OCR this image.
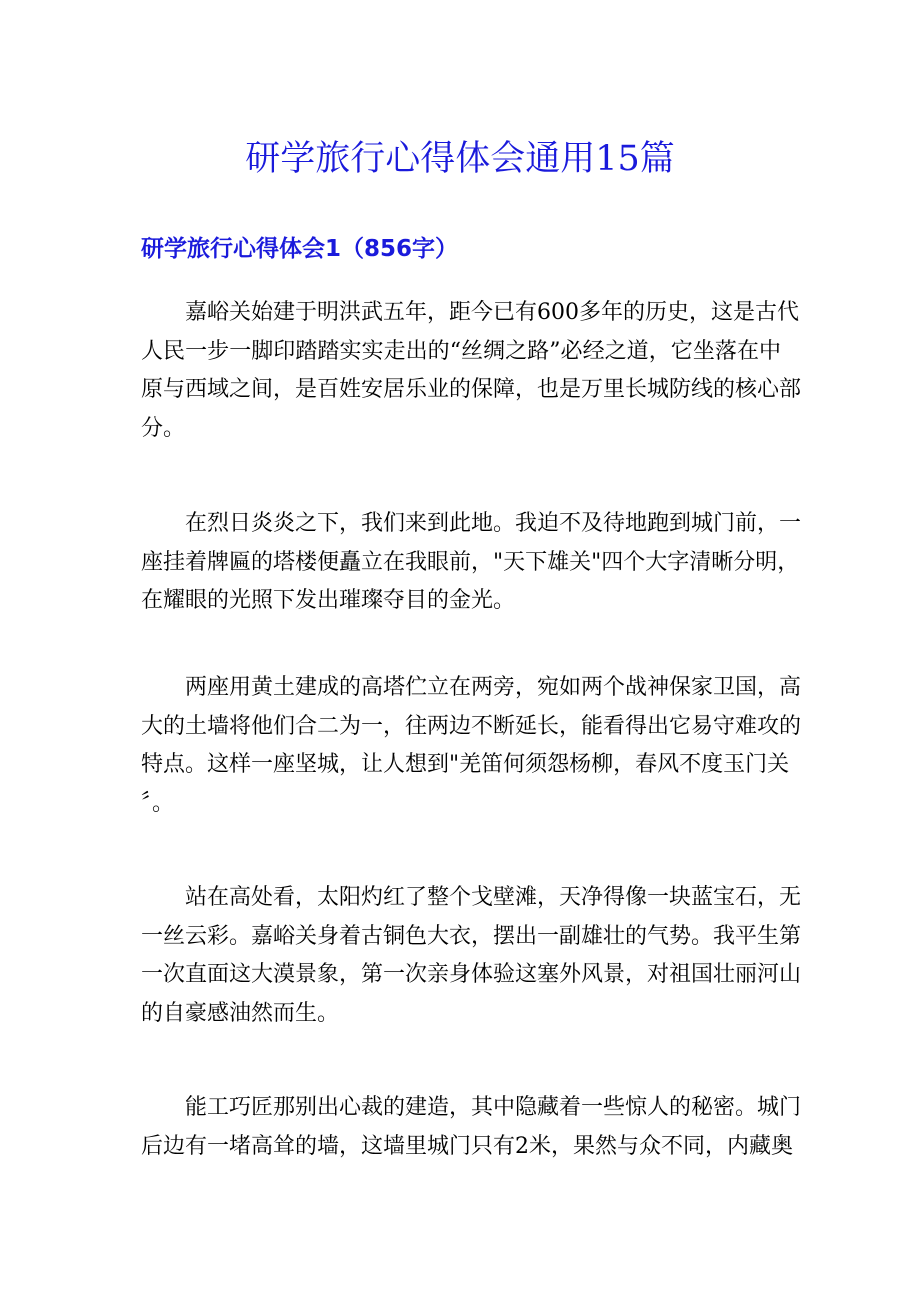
研学旅行心得体会通用15篇
研学旅行心得体会1（856字）
嘉峪关始建于明洪武五年，距今已有600多年的历史，这是古代
人民一步一脚印踏踏实实走出的“丝绸之路”必经之道，它坐落在中
原与西域之间，是百姓安居乐业的保障，也是万里长城防线的核心部
分。
在烈日炎炎之下，我们来到此地。我迫不及待地跑到城门前，一
座挂着牌匾的塔楼便矗立在我眼前，"天下雄关"四个大字清晰分明，
在耀眼的光照下发出璀璨夺目的金光。
两座用黄土建成的高塔伫立在两旁，宛如两个战神保家卫国，高
大的土墙将他们合二为一，往两边不断延长，能看得出它易守难攻的
特点。这样一座坚城，让人想到"羌笛何须怨杨柳，春风不度玉门关
〞。
站在高处看，太阳灼红了整个戈壁滩，天净得像一块蓝宝石，无
一丝云彩。嘉峪关身着古铜色大衣，摆出一副雄壮的气势。我平生第
一次直面这大漠景象，第一次亲身体验这塞外风景，对祖国壮丽河山
的自豪感油然而生。
能工巧匠那别出心裁的建造，其中隐藏着一些惊人的秘密。城门
后边有一堵高耸的墙，这墙里城门只有2米，果然与众不同，内藏奥
